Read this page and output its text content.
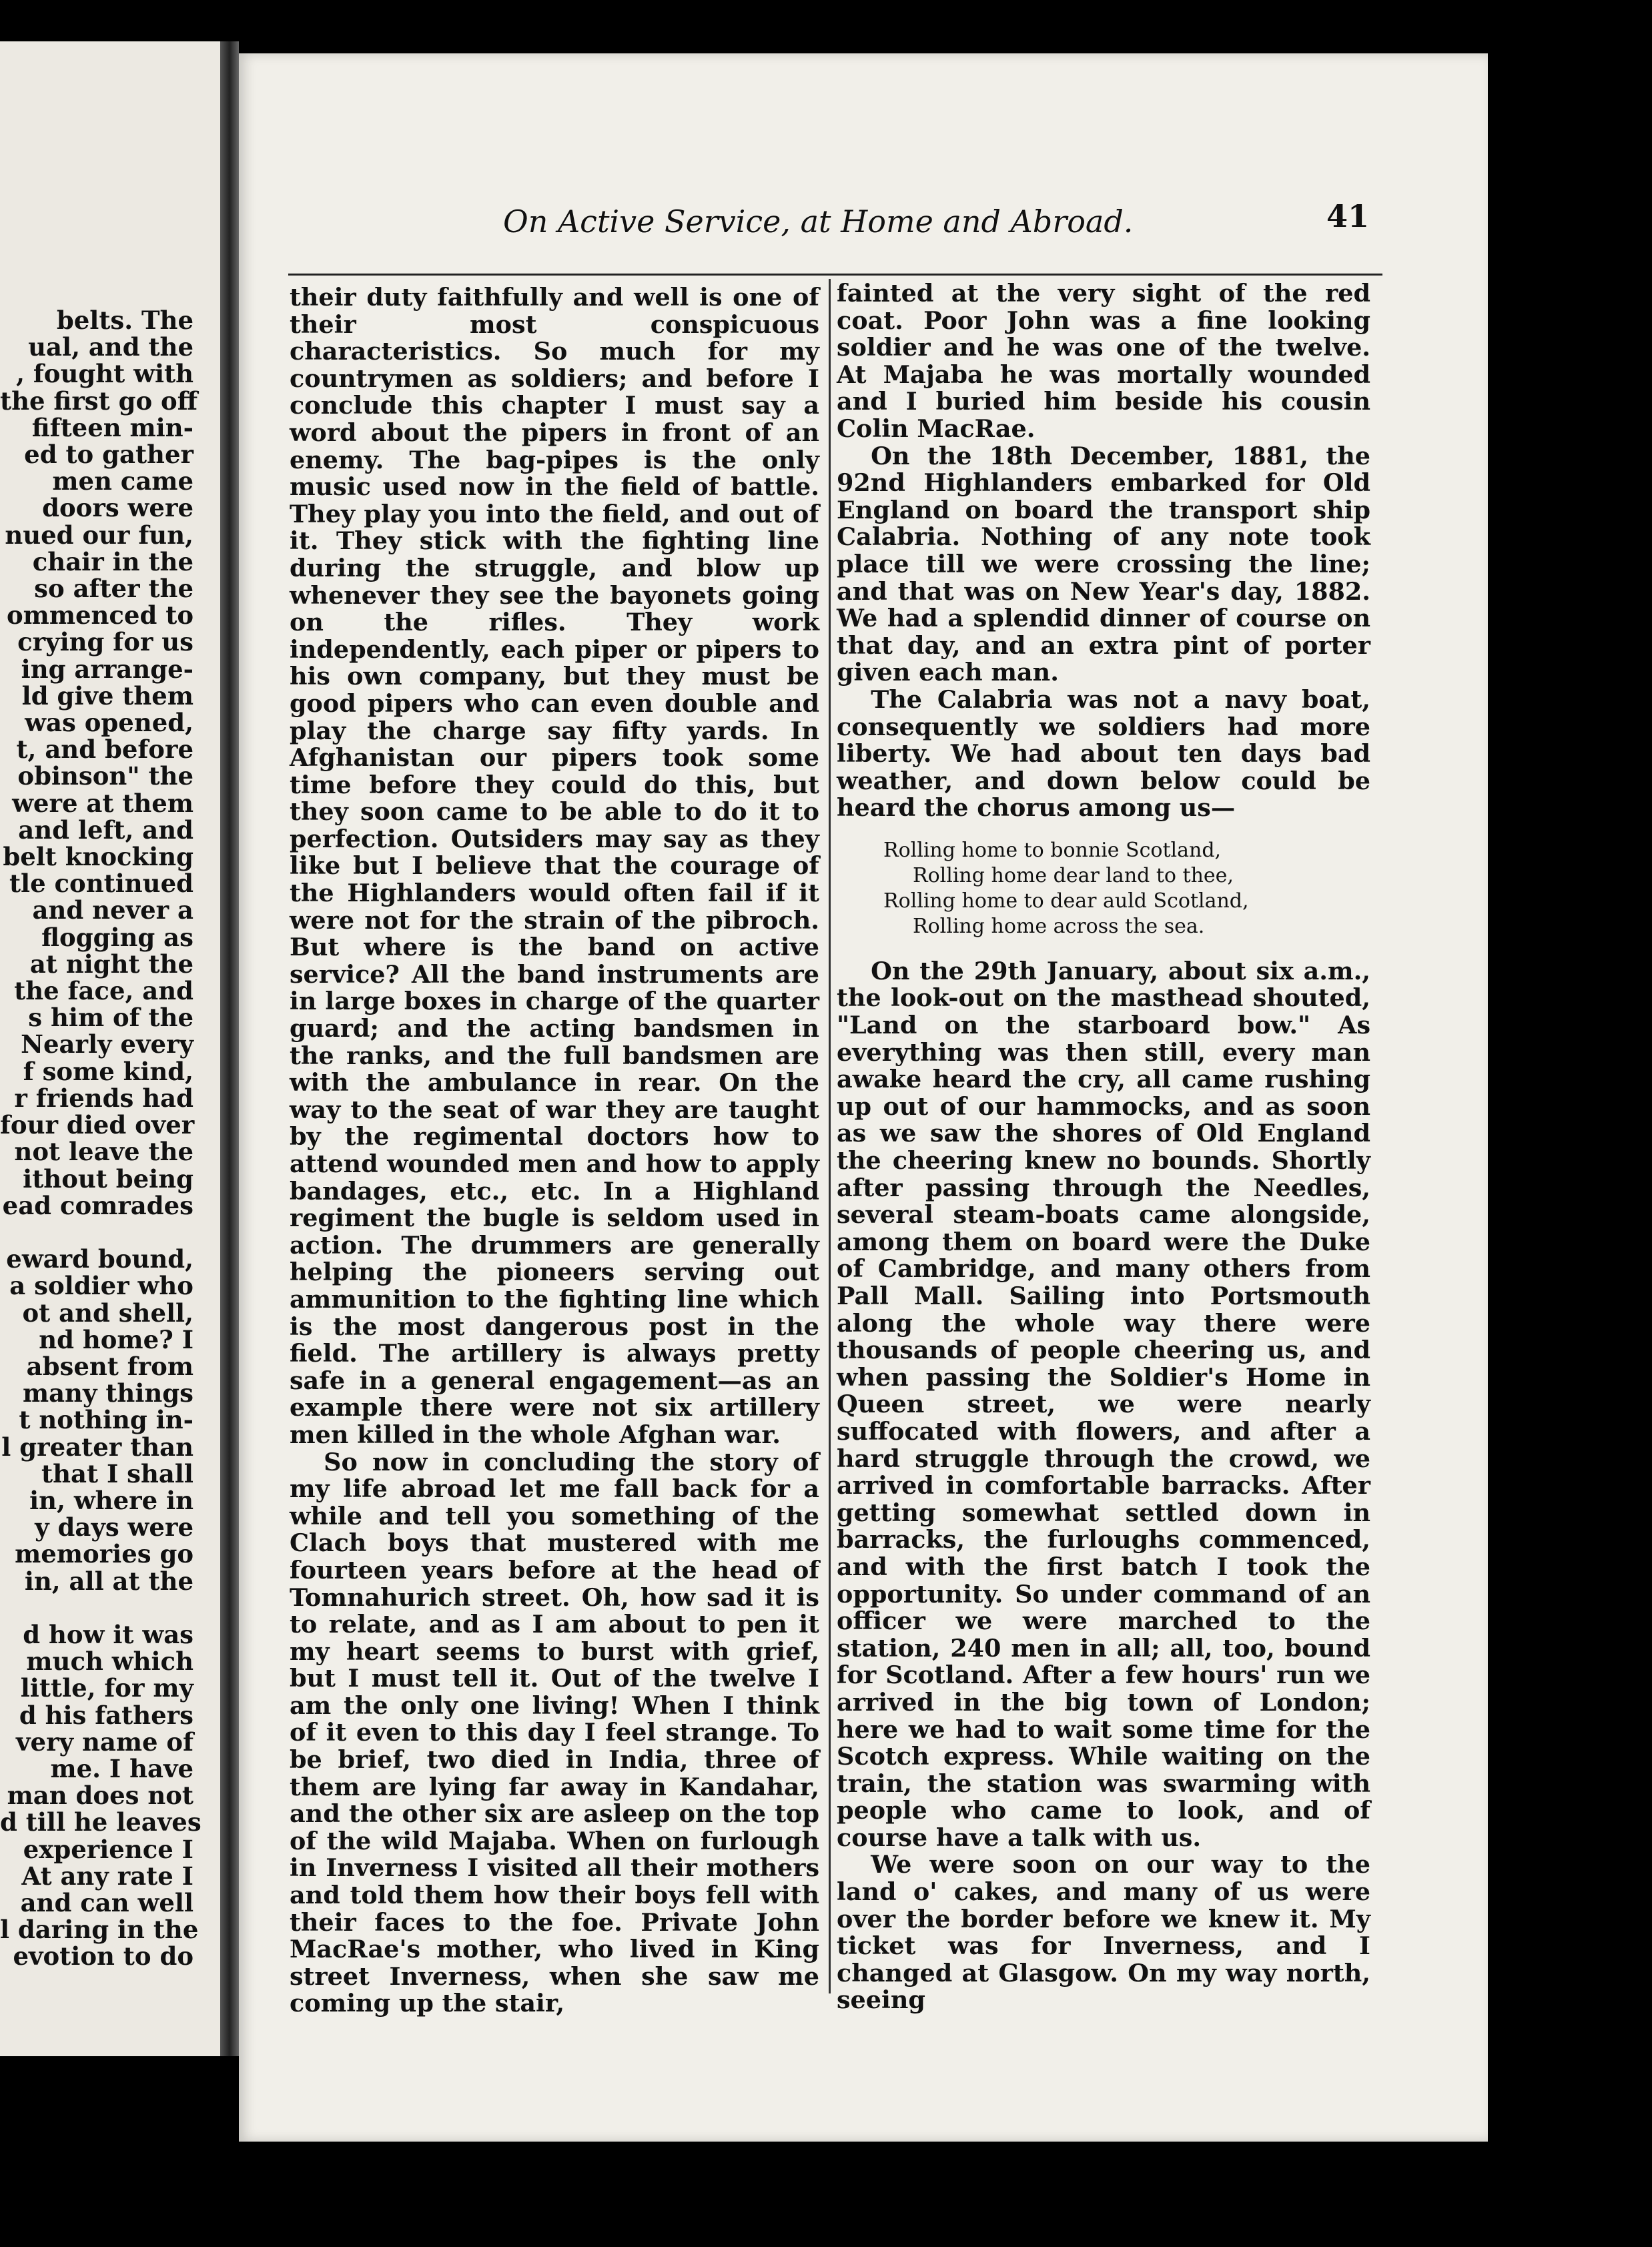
belts. The
ual, and the
, fought with
the first go off
fifteen min-
ed to gather
men came
doors were
nued our fun,
chair in the
so after the
ommenced to
crying for us
ing arrange-
ld give them
was opened,
t, and before
obinson" the
were at them
and left, and
belt knocking
tle continued
and never a
flogging as
at night the
the face, and
s him of the
Nearly every
f some kind,
r friends had
four died over
not leave the
ithout being
ead comrades

eward bound,
a soldier who
ot and shell,
nd home? I
absent from
many things
t nothing in-
l greater than
that I shall
in, where in
y days were
memories go
in, all at the

d how it was
much which
little, for my
d his fathers
very name of
me. I have
man does not
d till he leaves
experience I
At any rate I
and can well
l daring in the
evotion to do
On Active Service, at Home and Abroad.	41

their duty faithfully and well is one of their most conspicuous characteristics. So much for my countrymen as soldiers; and before I conclude this chapter I must say a word about the pipers in front of an enemy. The bag-pipes is the only music used now in the field of battle. They play you into the field, and out of it. They stick with the fighting line during the struggle, and blow up whenever they see the bayonets going on the rifles. They work independently, each piper or pipers to his own company, but they must be good pipers who can even double and play the charge say fifty yards. In Afghanistan our pipers took some time before they could do this, but they soon came to be able to do it to perfection. Outsiders may say as they like but I believe that the courage of the Highlanders would often fail if it were not for the strain of the pibroch. But where is the band on active service? All the band instruments are in large boxes in charge of the quarter guard; and the acting bandsmen in the ranks, and the full bandsmen are with the ambulance in rear. On the way to the seat of war they are taught by the regimental doctors how to attend wounded men and how to apply bandages, etc., etc. In a Highland regiment the bugle is seldom used in action. The drummers are generally helping the pioneers serving out ammunition to the fighting line which is the most dangerous post in the field. The artillery is always pretty safe in a general engagement—as an example there were not six artillery men killed in the whole Afghan war.

So now in concluding the story of my life abroad let me fall back for a while and tell you something of the Clach boys that mustered with me fourteen years before at the head of Tomnahurich street. Oh, how sad it is to relate, and as I am about to pen it my heart seems to burst with grief, but I must tell it. Out of the twelve I am the only one living! When I think of it even to this day I feel strange. To be brief, two died in India, three of them are lying far away in Kandahar, and the other six are asleep on the top of the wild Majaba. When on furlough in Inverness I visited all their mothers and told them how their boys fell with their faces to the foe. Private John MacRae's mother, who lived in King street Inverness, when she saw me coming up the stair,

fainted at the very sight of the red coat. Poor John was a fine looking soldier and he was one of the twelve. At Majaba he was mortally wounded and I buried him beside his cousin Colin MacRae.

On the 18th December, 1881, the 92nd Highlanders embarked for Old England on board the transport ship Calabria. Nothing of any note took place till we were crossing the line; and that was on New Year's day, 1882. We had a splendid dinner of course on that day, and an extra pint of porter given each man.

The Calabria was not a navy boat, consequently we soldiers had more liberty. We had about ten days bad weather, and down below could be heard the chorus among us—

Rolling home to bonnie Scotland,
Rolling home dear land to thee,
Rolling home to dear auld Scotland,
Rolling home across the sea.

On the 29th January, about six a.m., the look-out on the masthead shouted, "Land on the starboard bow." As everything was then still, every man awake heard the cry, all came rushing up out of our hammocks, and as soon as we saw the shores of Old England the cheering knew no bounds. Shortly after passing through the Needles, several steam-boats came alongside, among them on board were the Duke of Cambridge, and many others from Pall Mall. Sailing into Portsmouth along the whole way there were thousands of people cheering us, and when passing the Soldier's Home in Queen street, we were nearly suffocated with flowers, and after a hard struggle through the crowd, we arrived in comfortable barracks. After getting somewhat settled down in barracks, the furloughs commenced, and with the first batch I took the opportunity. So under command of an officer we were marched to the station, 240 men in all; all, too, bound for Scotland. After a few hours' run we arrived in the big town of London; here we had to wait some time for the Scotch express. While waiting on the train, the station was swarming with people who came to look, and of course have a talk with us.

We were soon on our way to the land o' cakes, and many of us were over the border before we knew it. My ticket was for Inverness, and I changed at Glasgow. On my way north, seeing
